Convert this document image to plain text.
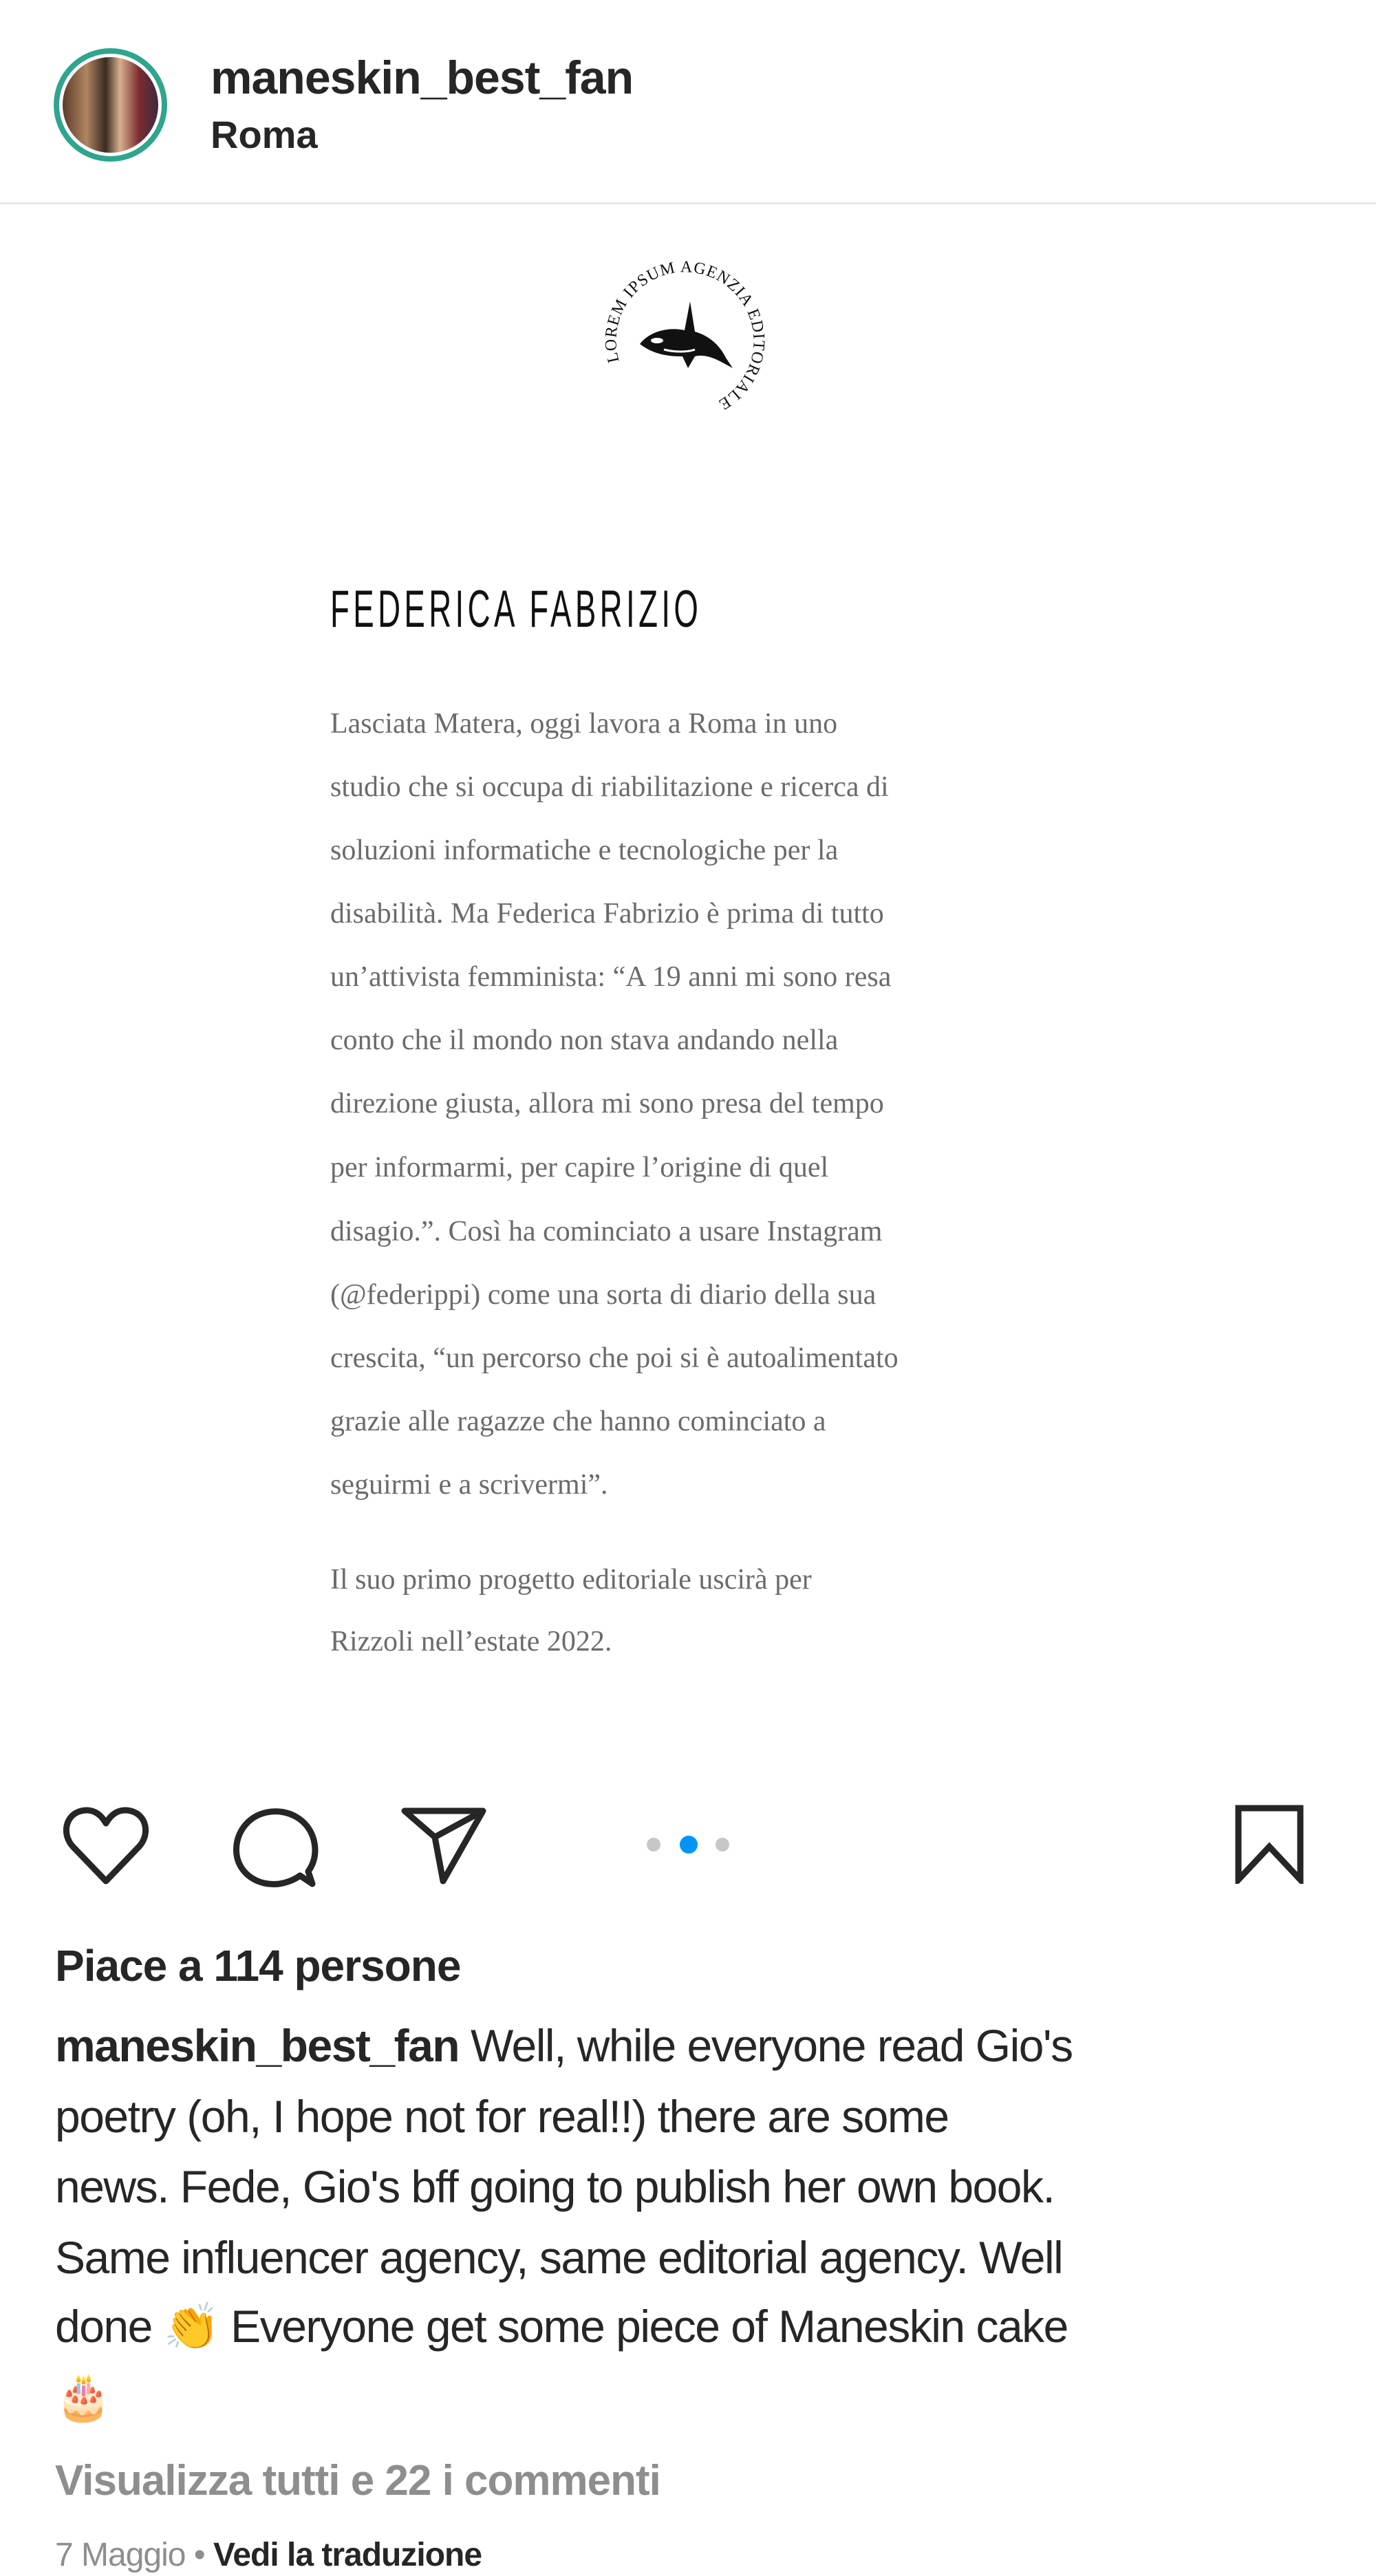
maneskin_best_fan
Roma
LOREM IPSUM AGENZIA EDITORIALE
FEDERICA FABRIZIO
Lasciata Matera, oggi lavora a Roma in uno
studio che si occupa di riabilitazione e ricerca di
soluzioni informatiche e tecnologiche per la
disabilità. Ma Federica Fabrizio è prima di tutto
un’attivista femminista: “A 19 anni mi sono resa
conto che il mondo non stava andando nella
direzione giusta, allora mi sono presa del tempo
per informarmi, per capire l’origine di quel
disagio.”. Così ha cominciato a usare Instagram
(@federippi) come una sorta di diario della sua
crescita, “un percorso che poi si è autoalimentato
grazie alle ragazze che hanno cominciato a
seguirmi e a scrivermi”.
Il suo primo progetto editoriale uscirà per
Rizzoli nell’estate 2022.
Piace a 114 persone
maneskin_best_fan Well, while everyone read Gio's
poetry (oh, I hope not for real!!) there are some
news. Fede, Gio's bff going to publish her own book.
Same influencer agency, same editorial agency. Well
done 👏 Everyone get some piece of Maneskin cake
🎂
Visualizza tutti e 22 i commenti
7 Maggio • Vedi la traduzione
